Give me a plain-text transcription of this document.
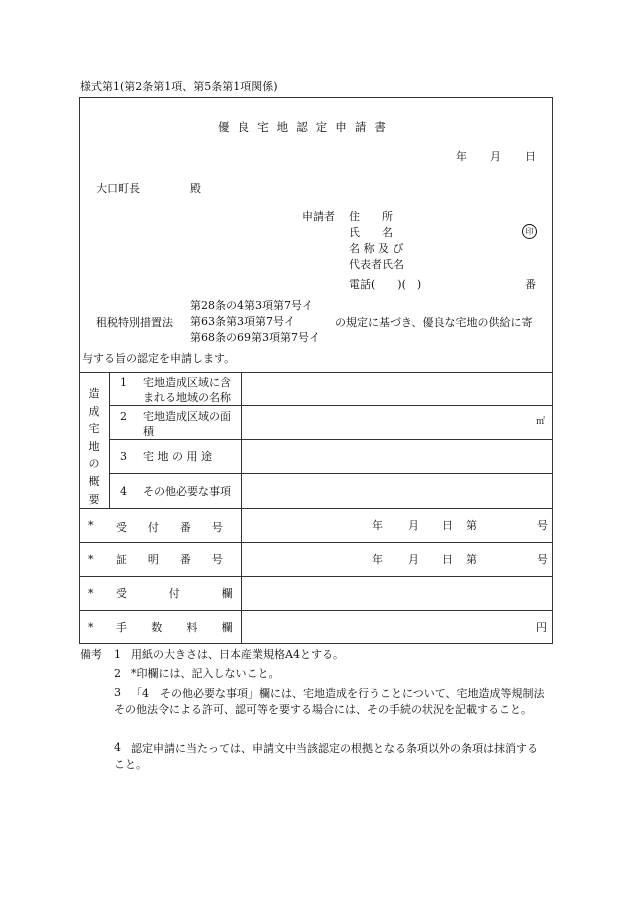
様式第1(第2条第1項、第5条第1項関係)
優良宅地認定申請書
年 月 日
大口町長	殿
申請者 住　　所
氏　　名	印
名 称 及 び
代表者氏名
電話(　　)(　)	番
租税特別措置法
第28条の4第3項第7号イ
第63条第3項第7号イ
第68条の69第3項第7号イ
の規定に基づき、優良な宅地の供給に寄
与する旨の認定を申請します。
造成宅地の概要
1 宅地造成区域に含まれる地域の名称
2 宅地造成区域の面積
㎡
3 宅 地 の 用 途
4 その他必要な事項
* 受付番号	年 月 日 第	号
* 証明番号	年 月 日 第	号
* 受付欄
* 手数料欄	円
備考 1 用紙の大きさは、日本産業規格A4とする。
2 *印欄には、記入しないこと。
3 「4　その他必要な事項」欄には、宅地造成を行うことについて、宅地造成等規制法その他法令による許可、認可等を要する場合には、その手続の状況を記載すること。
4 認定申請に当たっては、申請文中当該認定の根拠となる条項以外の条項は抹消すること。
